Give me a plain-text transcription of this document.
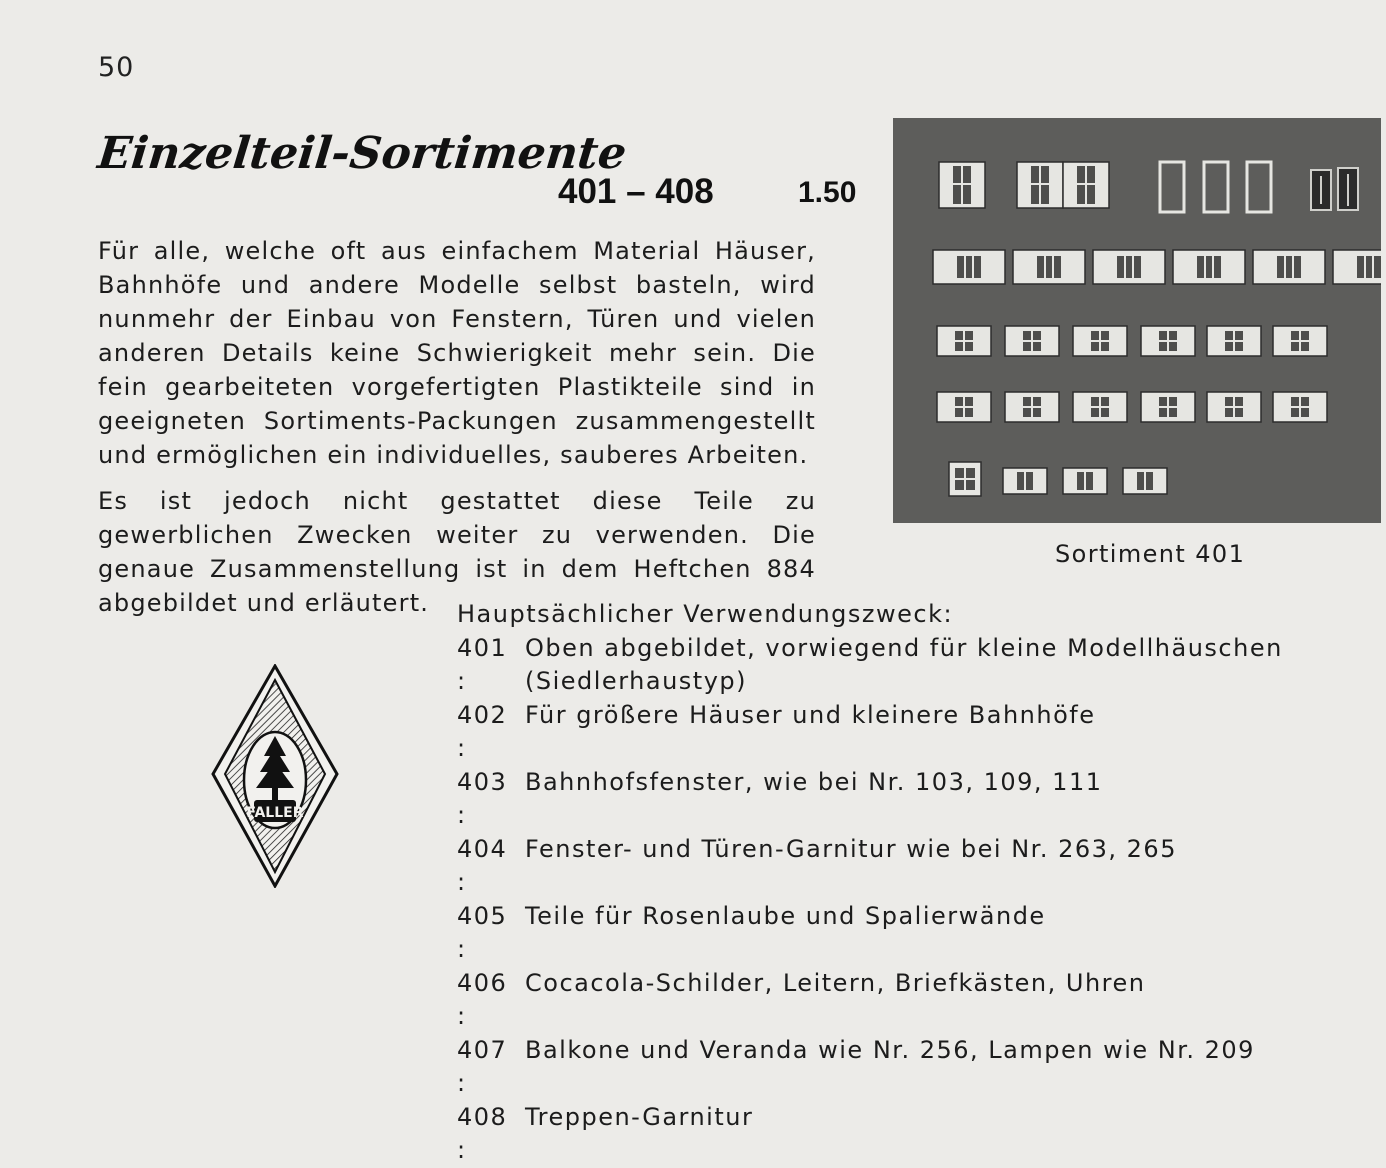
50
Einzelteil-Sortimente
401 – 408	1.50

Für alle, welche oft aus einfachem Material Häuser, Bahnhöfe und andere Modelle selbst basteln, wird nunmehr der Einbau von Fenstern, Türen und vielen anderen Details keine Schwierigkeit mehr sein. Die fein gearbeiteten vorgefertigten Plastikteile sind in geeigneten Sortiments-Packungen zusammengestellt und ermöglichen ein individuelles, sauberes Arbeiten.

Es ist jedoch nicht gestattet diese Teile zu gewerblichen Zwecken weiter zu verwenden. Die genaue Zusammenstellung ist in dem Heftchen 884 abgebildet und erläutert.

Sortiment 401
Hauptsächlicher Verwendungszweck:
401 :
Oben abgebildet, vorwiegend für kleine Modellhäuschen (Siedlerhaustyp)
402 :
Für größere Häuser und kleinere Bahnhöfe
403 :
Bahnhofsfenster, wie bei Nr. 103, 109, 111
404 :
Fenster- und Türen-Garnitur wie bei Nr. 263, 265
405 :
Teile für Rosenlaube und Spalierwände
406 :
Cocacola-Schilder, Leitern, Briefkästen, Uhren
407 :
Balkone und Veranda wie Nr. 256, Lampen wie Nr. 209
408 :
Treppen-Garnitur
FALLER
